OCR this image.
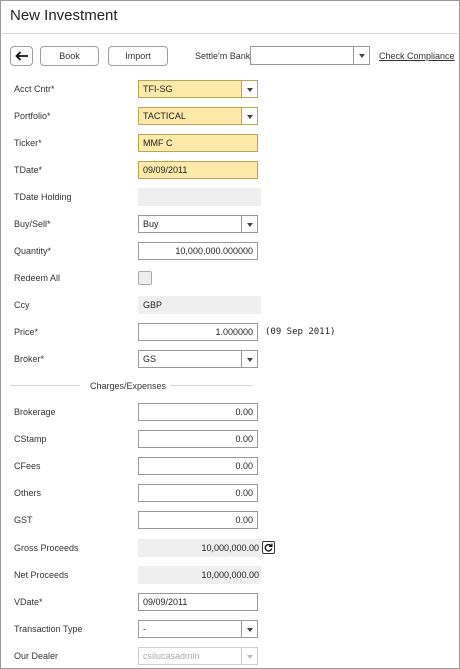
New Investment
Book	Import	Settle'm Bank	Check Compliance
Acct Cntr*	TFI-SG
Portfolio*	TACTICAL
Ticker*	MMF C
TDate*	09/09/2011
TDate Holding
Buy/Sell*	Buy
Quantity*	10,000,000.000000
Redeem All
Ccy	GBP
Price*	1.000000	(09 Sep 2011)
Broker*	GS
Charges/Expenses
Brokerage	0.00
CStamp	0.00
CFees	0.00
Others	0.00
GST	0.00
Gross Proceeds	10,000,000.00
Net Proceeds	10,000,000.00
VDate*	09/09/2011
Transaction Type	-
Our Dealer	csilucasadmin
